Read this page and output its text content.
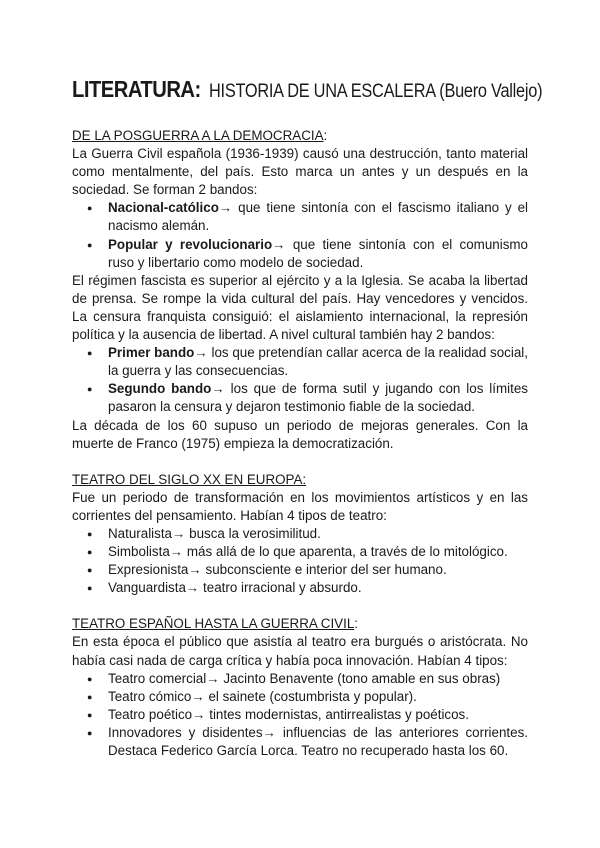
LITERATURA: HISTORIA DE UNA ESCALERA (Buero Vallejo)
DE LA POSGUERRA A LA DEMOCRACIA:
La Guerra Civil española (1936-1939) causó una destrucción, tanto material como mentalmente, del país. Esto marca un antes y un después en la sociedad. Se forman 2 bandos:
● Nacional-católico→ que tiene sintonía con el fascismo italiano y el nacismo alemán.
● Popular y revolucionario→ que tiene sintonía con el comunismo ruso y libertario como modelo de sociedad.
El régimen fascista es superior al ejército y a la Iglesia. Se acaba la libertad de prensa. Se rompe la vida cultural del país. Hay vencedores y vencidos. La censura franquista consiguió: el aislamiento internacional, la represión política y la ausencia de libertad. A nivel cultural también hay 2 bandos:
● Primer bando→ los que pretendían callar acerca de la realidad social, la guerra y las consecuencias.
● Segundo bando→ los que de forma sutil y jugando con los límites pasaron la censura y dejaron testimonio fiable de la sociedad.
La década de los 60 supuso un periodo de mejoras generales. Con la muerte de Franco (1975) empieza la democratización.
TEATRO DEL SIGLO XX EN EUROPA:
Fue un periodo de transformación en los movimientos artísticos y en las corrientes del pensamiento. Habían 4 tipos de teatro:
● Naturalista→ busca la verosimilitud.
● Simbolista→ más allá de lo que aparenta, a través de lo mitológico.
● Expresionista→ subconsciente e interior del ser humano.
● Vanguardista→ teatro irracional y absurdo.
TEATRO ESPAÑOL HASTA LA GUERRA CIVIL:
En esta época el público que asistía al teatro era burgués o aristócrata. No había casi nada de carga crítica y había poca innovación. Habían 4 tipos:
● Teatro comercial→ Jacinto Benavente (tono amable en sus obras)
● Teatro cómico→ el sainete (costumbrista y popular).
● Teatro poético→ tintes modernistas, antirrealistas y poéticos.
● Innovadores y disidentes→ influencias de las anteriores corrientes. Destaca Federico García Lorca. Teatro no recuperado hasta los 60.
